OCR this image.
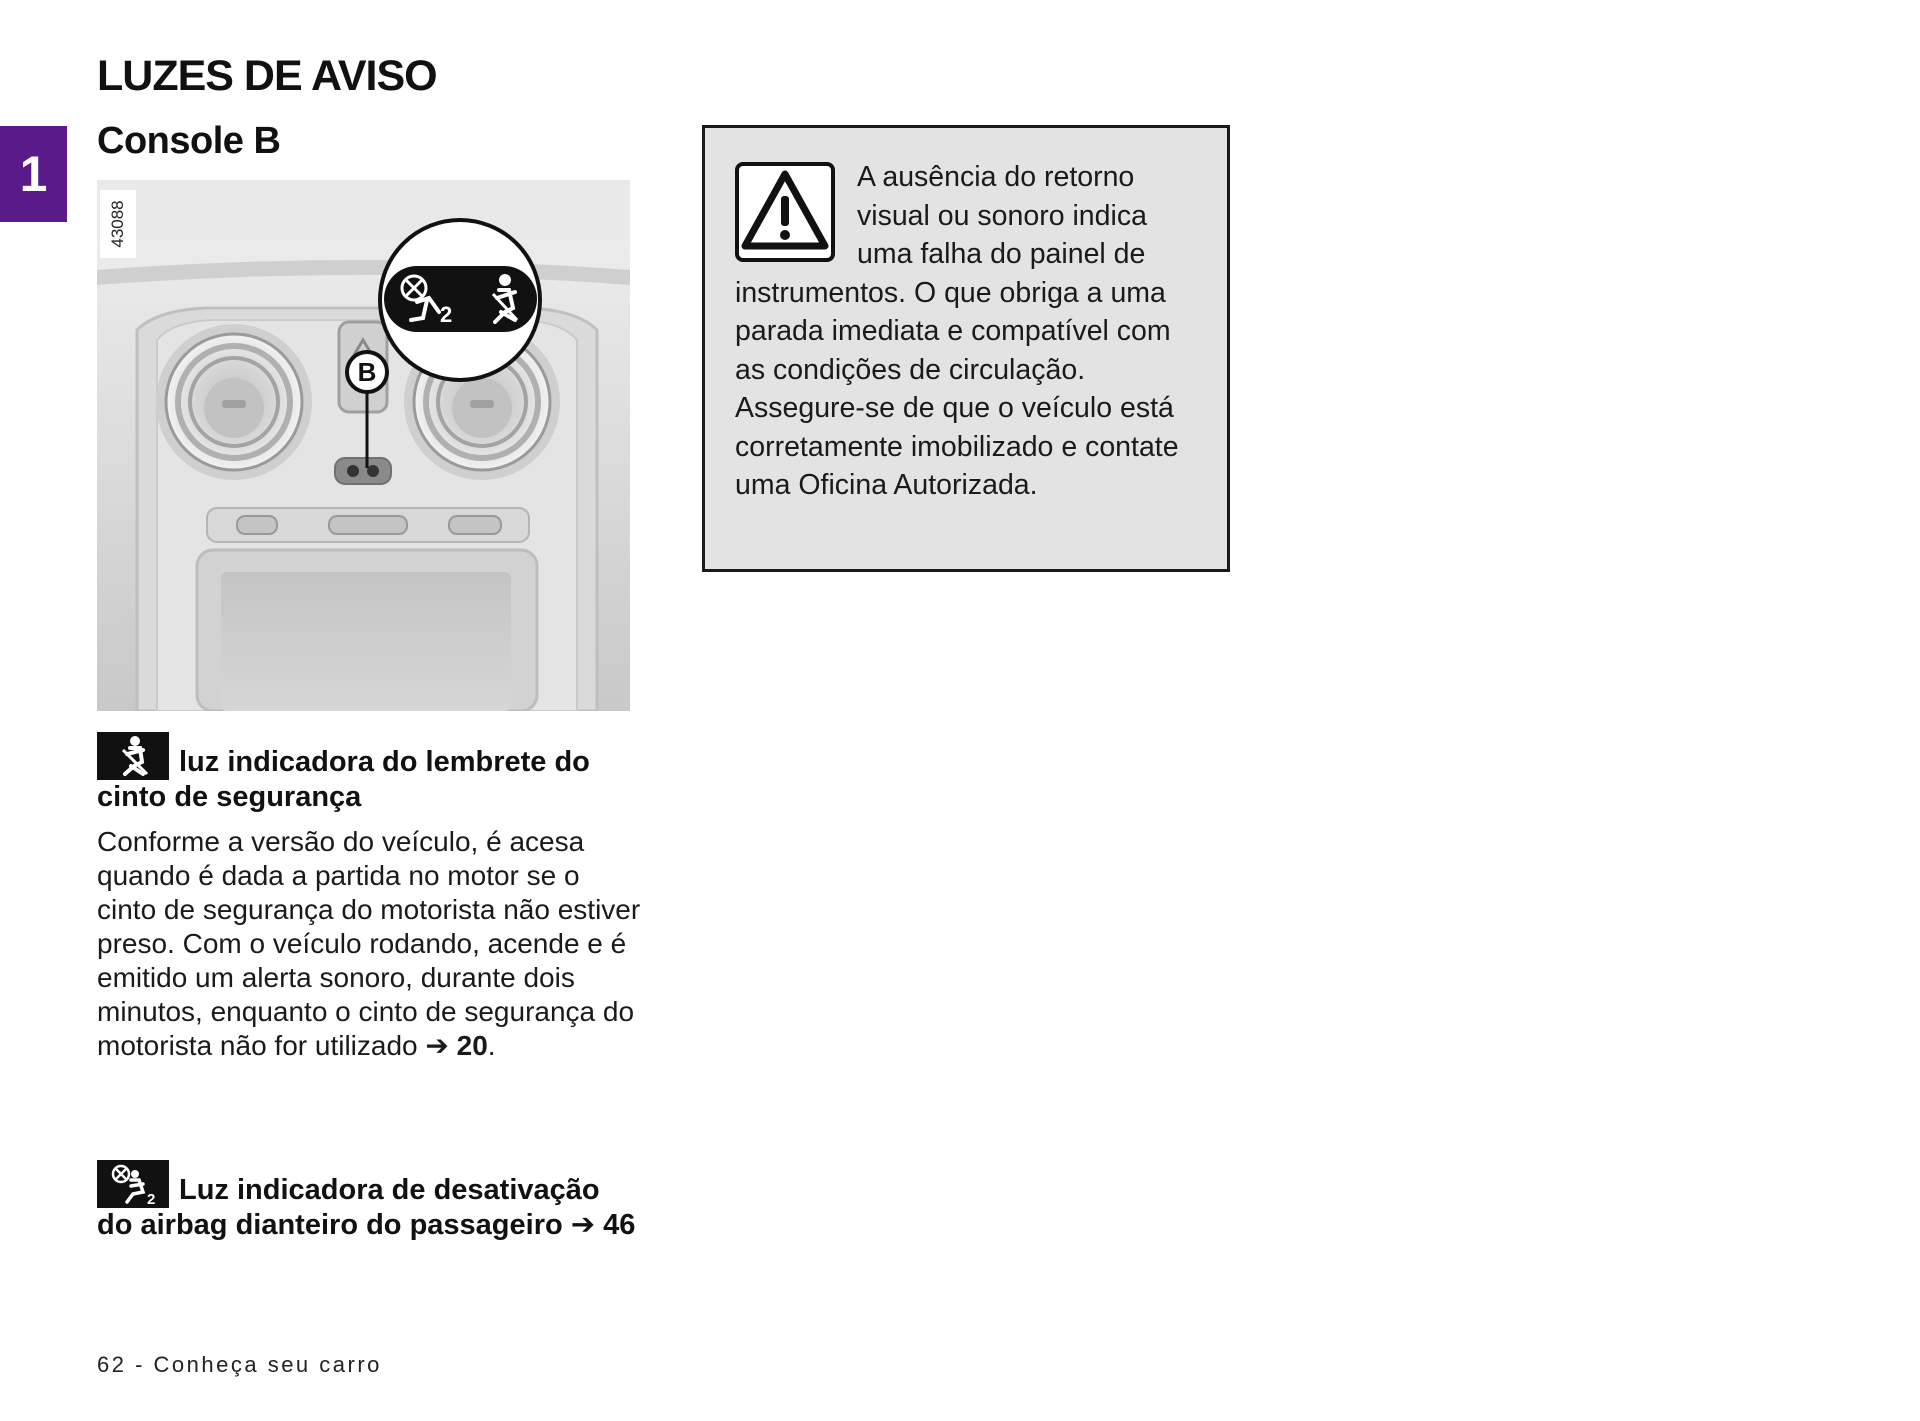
1
LUZES DE AVISO
Console B
2
B
43088
luz indicadora do lembrete do cinto de segurança
Conforme a versão do veículo, é acesa quando é dada a partida no motor se o cinto de segurança do motorista não estiver preso. Com o veículo rodando, acende e é emitido um alerta sonoro, durante dois minutos, enquanto o cinto de segurança do motorista não for utilizado ➔ 20.
2 Luz indicadora de desativação do airbag dianteiro do passageiro ➔ 46

A ausência do retorno visual ou sonoro indica uma falha do painel de instrumentos. O que obriga a uma parada imediata e compatível com as condições de circulação. Assegure-se de que o veículo está corretamente imobilizado e contate uma Oficina Autorizada.

62 - Conheça seu carro
